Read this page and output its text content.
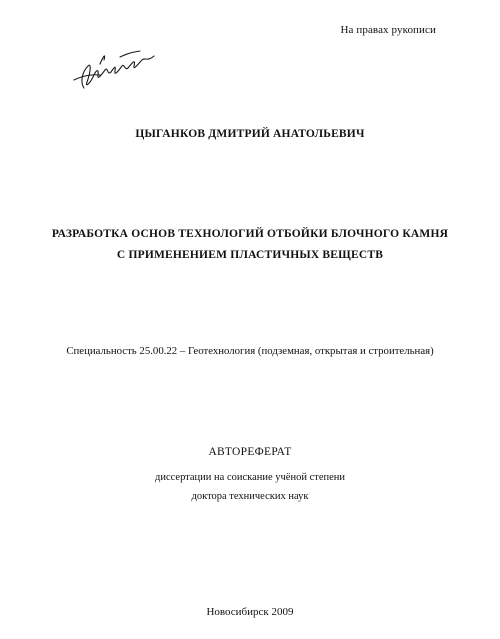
На правах рукописи
ЦЫГАНКОВ ДМИТРИЙ АНАТОЛЬЕВИЧ
РАЗРАБОТКА ОСНОВ ТЕХНОЛОГИЙ ОТБОЙКИ БЛОЧНОГО КАМНЯ
С ПРИМЕНЕНИЕМ ПЛАСТИЧНЫХ ВЕЩЕСТВ
Специальность 25.00.22 – Геотехнология (подземная, открытая и строительная)
АВТОРЕФЕРАТ
диссертации на соискание учёной степени
доктора технических наук
Новосибирск 2009
